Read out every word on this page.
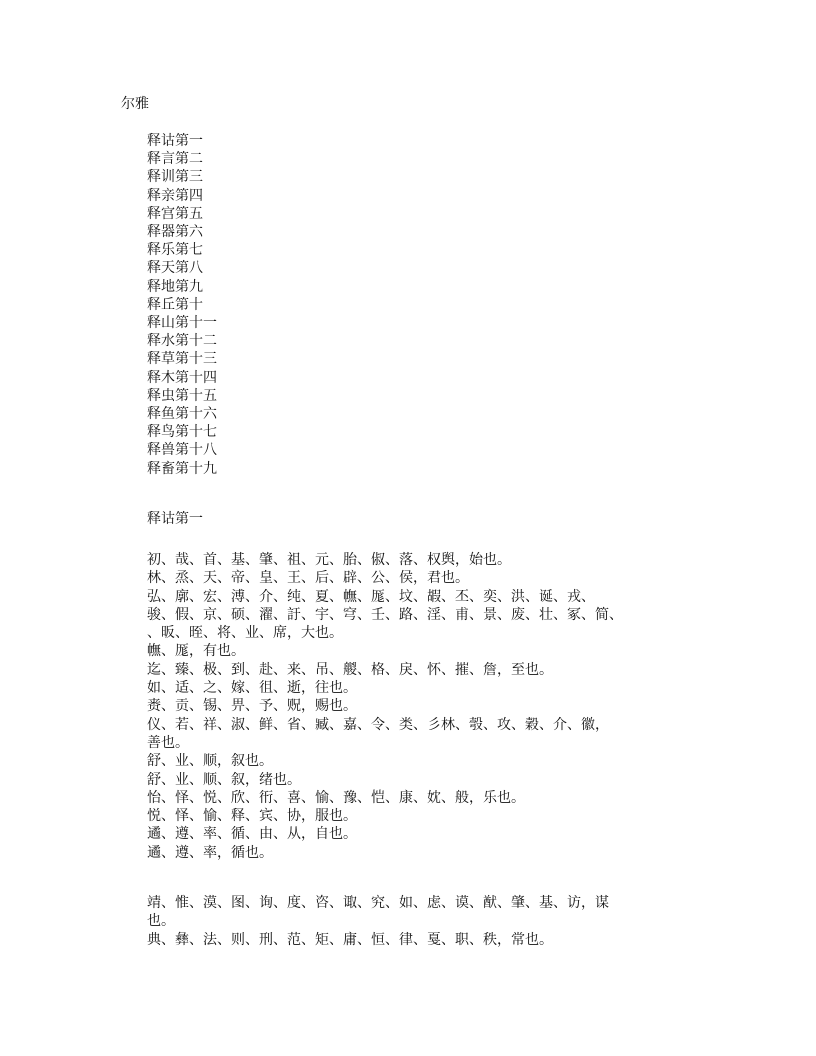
尔雅
释诂第一
释言第二
释训第三
释亲第四
释宫第五
释器第六
释乐第七
释天第八
释地第九
释丘第十
释山第十一
释水第十二
释草第十三
释木第十四
释虫第十五
释鱼第十六
释鸟第十七
释兽第十八
释畜第十九
释诂第一
初、哉、首、基、肇、祖、元、胎、俶、落、权舆，始也。
林、烝、天、帝、皇、王、后、辟、公、侯，君也。
弘、廓、宏、溥、介、纯、夏、幠、厖、坟、嘏、丕、奕、洪、诞、戎、
骏、假、京、硕、濯、訏、宇、穹、壬、路、淫、甫、景、废、壮、冢、简、
、昄、晊、将、业、席，大也。
幠、厖，有也。
迄、臻、极、到、赴、来、吊、艐、格、戾、怀、摧、詹，至也。
如、适、之、嫁、徂、逝，往也。
赉、贡、锡、畀、予、贶，赐也。
仪、若、祥、淑、鲜、省、臧、嘉、令、类、彡林、彀、攻、穀、介、徽，
善也。
舒、业、顺，叙也。
舒、业、顺、叙，绪也。
怡、怿、悦、欣、衎、喜、愉、豫、恺、康、妉、般，乐也。
悦、怿、愉、释、宾、协，服也。
遹、遵、率、循、由、从，自也。
遹、遵、率，循也。
靖、惟、漠、图、询、度、咨、诹、究、如、虑、谟、猷、肇、基、访，谋
也。
典、彝、法、则、刑、范、矩、庸、恒、律、戛、职、秩，常也。
